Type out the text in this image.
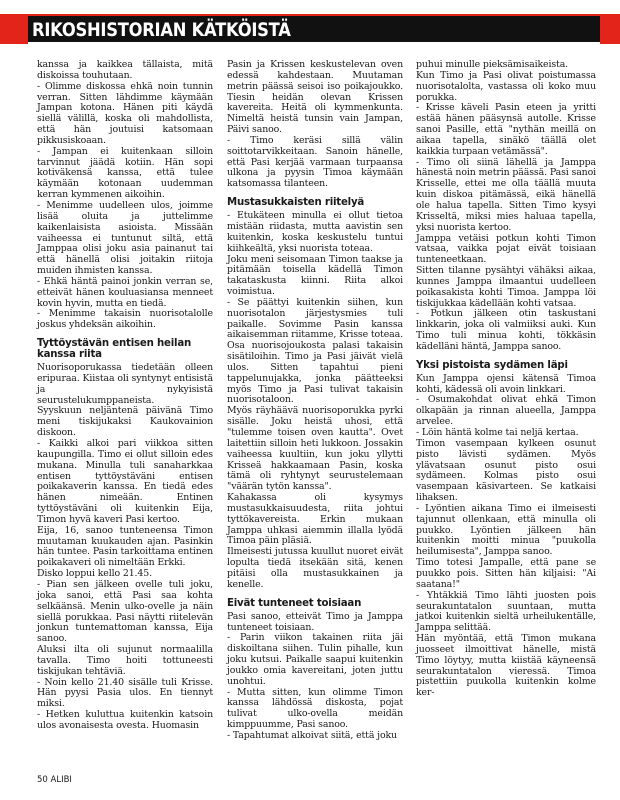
RIKOSHISTORIAN KÄTKÖISTÄ

kanssa ja kaikkea tällaista, mitä diskoissa touhutaan.

- Olimme diskossa ehkä noin tunnin verran. Sitten lähdimme käymään Jampan kotona. Hänen piti käydä siellä välillä, koska oli mahdollista, että hän joutuisi katsomaan pikkusiskoaan.

- Jampan ei kuitenkaan silloin tarvinnut jäädä kotiin. Hän sopi kotiväkensä kanssa, että tulee käymään kotonaan uudemman kerran kymmenen aikoihin.

- Menimme uudelleen ulos, joimme lisää oluita ja juttelimme kaikenlaisista asioista. Missään vaiheessa ei tuntunut siltä, että Jamppaa olisi joku asia painanut tai että hänellä olisi joitakin riitoja muiden ihmisten kanssa.

- Ehkä häntä painoi jonkin verran se, etteivät hänen kouluasiansa menneet kovin hyvin, mutta en tiedä.

- Menimme takaisin nuorisotalolle joskus yhdeksän aikoihin.

Tyttöystävän entisen heilan kanssa riita

Nuorisoporukassa tiedetään olleen eripuraa. Kiistaa oli syntynyt entisistä ja nykyisistä seurustelukumppaneista.

Syyskuun neljäntenä päivänä Timo meni tiskijukaksi Kaukovainion diskoon.

- Kaikki alkoi pari viikkoa sitten kaupungilla. Timo ei ollut silloin edes mukana. Minulla tuli sanaharkkaa entisen tyttöystäväni entisen poikakaverin kanssa. En tiedä edes hänen nimeään. Entinen tyttöystäväni oli kuitenkin Eija, Timon hyvä kaveri Pasi kertoo.

Eija, 16, sanoo tunteneensa Timon muutaman kuukauden ajan. Pasinkin hän tuntee. Pasin tarkoittama entinen poikakaveri oli nimeltään Erkki.

Disko loppui kello 21.45.

- Pian sen jälkeen ovelle tuli joku, joka sanoi, että Pasi saa kohta selkäänsä. Menin ulko-ovelle ja näin siellä porukkaa. Pasi näytti riitelevän jonkun tuntemattoman kanssa, Eija sanoo.

Aluksi ilta oli sujunut normaalilla tavalla. Timo hoiti tottuneesti tiskijukan tehtäviä.

- Noin kello 21.40 sisälle tuli Krisse. Hän pyysi Pasia ulos. En tiennyt miksi.

- Hetken kuluttua kuitenkin katsoin ulos avonaisesta ovesta. Huomasin

Pasin ja Krissen keskustelevan oven edessä kahdestaan. Muutaman metrin päässä seisoi iso poikajoukko. Tiesin heidän olevan Krissen kavereita. Heitä oli kymmenkunta. Nimeltä heistä tunsin vain Jampan, Päivi sanoo.

- Timo keräsi sillä välin soittotarvikkeitaan. Sanoin hänelle, että Pasi kerjää varmaan turpaansa ulkona ja pyysin Timoa käymään katsomassa tilanteen.

Mustasukkaisten riitelyä

- Etukäteen minulla ei ollut tietoa mistään riidasta, mutta aavistin sen kuitenkin, koska keskustelu tuntui kiihkeältä, yksi nuorista toteaa.

Joku meni seisomaan Timon taakse ja pitämään toisella kädellä Timon takataskusta kiinni. Riita alkoi voimistua.

- Se päättyi kuitenkin siihen, kun nuorisotalon järjestysmies tuli paikalle. Sovimme Pasin kanssa aikaisemman riitamme, Krisse toteaa.

Osa nuorisojoukosta palasi takaisin sisätiloihin. Timo ja Pasi jäivät vielä ulos. Sitten tapahtui pieni tappelunujakka, jonka päätteeksi myös Timo ja Pasi tulivat takaisin nuorisotaloon.

Myös räyhäävä nuorisoporukka pyrki sisälle. Joku heistä uhosi, että "tulemme toisen oven kautta". Ovet laitettiin silloin heti lukkoon. Jossakin vaiheessa kuultiin, kun joku yllytti Krisseä hakkaamaan Pasin, koska tämä oli ryhtynyt seurustelemaan "väärän tytön kanssa".

Kahakassa oli kysymys mustasukkaisuudesta, riita johtui tyttökavereista. Erkin mukaan Jamppa uhkasi aiemmin illalla lyödä Timoa päin pläsiä.

Ilmeisesti jutussa kuullut nuoret eivät lopulta tiedä itsekään sitä, kenen pitäisi olla mustasukkainen ja kenelle.

Eivät tunteneet toisiaan

Pasi sanoo, etteivät Timo ja Jamppa tunteneet toisiaan.

- Parin viikon takainen riita jäi diskoiltana siihen. Tulin pihalle, kun joku kutsui. Paikalle saapui kuitenkin joukko omia kavereitani, joten juttu unohtui.

- Mutta sitten, kun olimme Timon kanssa lähdössä diskosta, pojat tulivat ulko-ovella meidän kimppuumme, Pasi sanoo.

- Tapahtumat alkoivat siitä, että joku

puhui minulle pieksämisaikeista.

Kun Timo ja Pasi olivat poistumassa nuorisotalolta, vastassa oli koko muu porukka.

- Krisse käveli Pasin eteen ja yritti estää hänen pääsynsä autolle. Krisse sanoi Pasille, että "nythän meillä on aikaa tapella, sinäkö täällä olet kaikkia turpaan vetämässä".

- Timo oli siinä lähellä ja Jamppa hänestä noin metrin päässä. Pasi sanoi Krisselle, ettei me olla täällä muuta kuin diskoa pitämässä, eikä hänellä ole halua tapella. Sitten Timo kysyi Krisseltä, miksi mies haluaa tapella, yksi nuorista kertoo.

Jamppa vetäisi potkun kohti Timon vatsaa, vaikka pojat eivät toisiaan tunteneetkaan.

Sitten tilanne pysähtyi vähäksi aikaa, kunnes Jamppa ilmaantui uudelleen poikasakista kohti Timoa. Jamppa löi tiskijukkaa kädellään kohti vatsaa.

- Potkun jälkeen otin taskustani linkkarin, joka oli valmiiksi auki. Kun Timo tuli minua kohti, tökkäsin kädelläni häntä, Jamppa sanoo.

Yksi pistoista sydämen läpi

Kun Jamppa ojensi kätensä Timoa kohti, kädessä oli avoin linkkari.

- Osumakohdat olivat ehkä Timon olkapään ja rinnan alueella, Jamppa arvelee.

- Löin häntä kolme tai neljä kertaa.

Timon vasempaan kylkeen osunut pisto lävisti sydämen. Myös ylävatsaan osunut pisto osui sydämeen. Kolmas pisto osui vasempaan käsivarteen. Se katkaisi lihaksen.

- Lyöntien aikana Timo ei ilmeisesti tajunnut ollenkaan, että minulla oli puukko. Lyöntien jälkeen hän kuitenkin moitti minua "puukolla heilumisesta", Jamppa sanoo.

Timo totesi Jampalle, että pane se puukko pois. Sitten hän kiljaisi: "Ai saatana!"

- Yhtäkkiä Timo lähti juosten pois seurakuntatalon suuntaan, mutta jatkoi kuitenkin sieltä urheilukentälle, Jamppa selittää.

Hän myöntää, että Timon mukana juosseet ilmoittivat hänelle, mistä Timo löytyy, mutta kiistää käyneensä seurakuntatalon vieressä. Timoa pistettiin puukolla kuitenkin kolme ker-

50 ALIBI
